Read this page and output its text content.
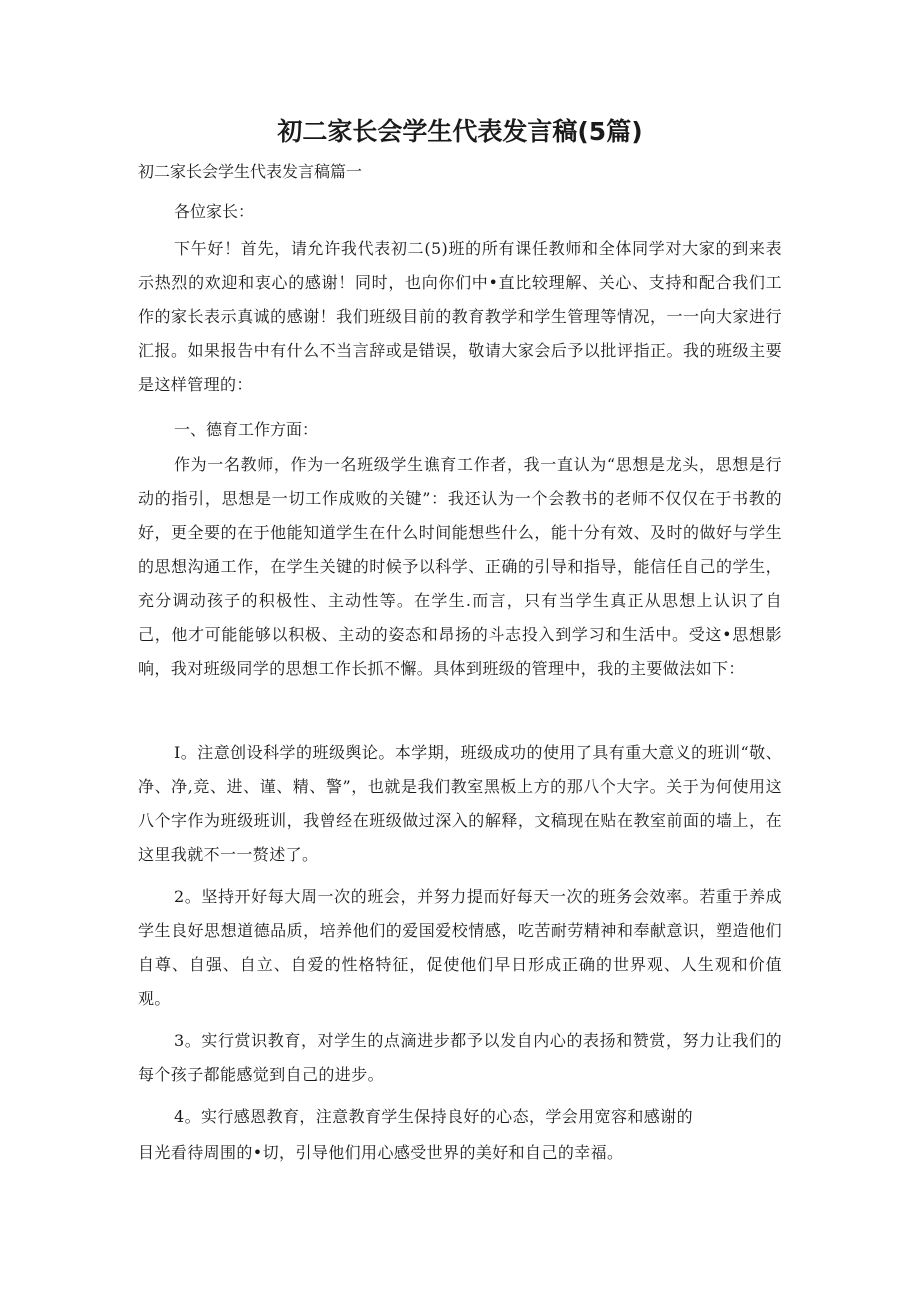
初二家长会学生代表发言稿(5篇)
初二家长会学生代表发言稿篇一
各位家长：
下午好！首先，请允许我代表初二(5)班的所有课任教师和全体同学对大家的到来表示热烈的欢迎和衷心的感谢！同时，也向你们中•直比较理解、关心、支持和配合我们工作的家长表示真诚的感谢！我们班级目前的教育教学和学生管理等情况，一一向大家进行汇报。如果报告中有什么不当言辞或是错误，敬请大家会后予以批评指正。我的班级主要是这样管理的：
一、德育工作方面：
作为一名教师，作为一名班级学生谯育工作者，我一直认为“思想是龙头，思想是行动的指引，思想是一切工作成败的关键”：我还认为一个会教书的老师不仅仅在于书教的好，更全要的在于他能知道学生在什么时间能想些什么，能十分有效、及时的做好与学生的思想沟通工作，在学生关键的时候予以科学、正确的引导和指导，能信任自己的学生，充分调动孩子的积极性、主动性等。在学生.而言，只有当学生真正从思想上认识了自己，他才可能能够以积极、主动的姿态和昂扬的斗志投入到学习和生活中。受这•思想影响，我对班级同学的思想工作长抓不懈。具体到班级的管理中，我的主要做法如下：
I。注意创设科学的班级舆论。本学期，班级成功的使用了具有重大意义的班训“敬、净、净,竞、进、谨、精、警”，也就是我们教室黑板上方的那八个大字。关于为何使用这八个字作为班级班训，我曾经在班级做过深入的解释，文稿现在贴在教室前面的墙上，在这里我就不一一赘述了。
2。坚持开好每大周一次的班会，并努力提而好每天一次的班务会效率。若重于养成学生良好思想道德品质，培养他们的爱国爱校情感，吃苦耐劳精神和奉献意识，塑造他们自尊、自强、自立、自爱的性格特征，促使他们早日形成正确的世界观、人生观和价值观。
3。实行赏识教育，对学生的点滴进步都予以发自内心的表扬和赞赏，努力让我们的每个孩子都能感觉到自己的进步。
4。实行感恩教育，注意教育学生保持良好的心态，学会用宽容和感谢的
目光看待周围的•切，引导他们用心感受世界的美好和自己的幸福。
